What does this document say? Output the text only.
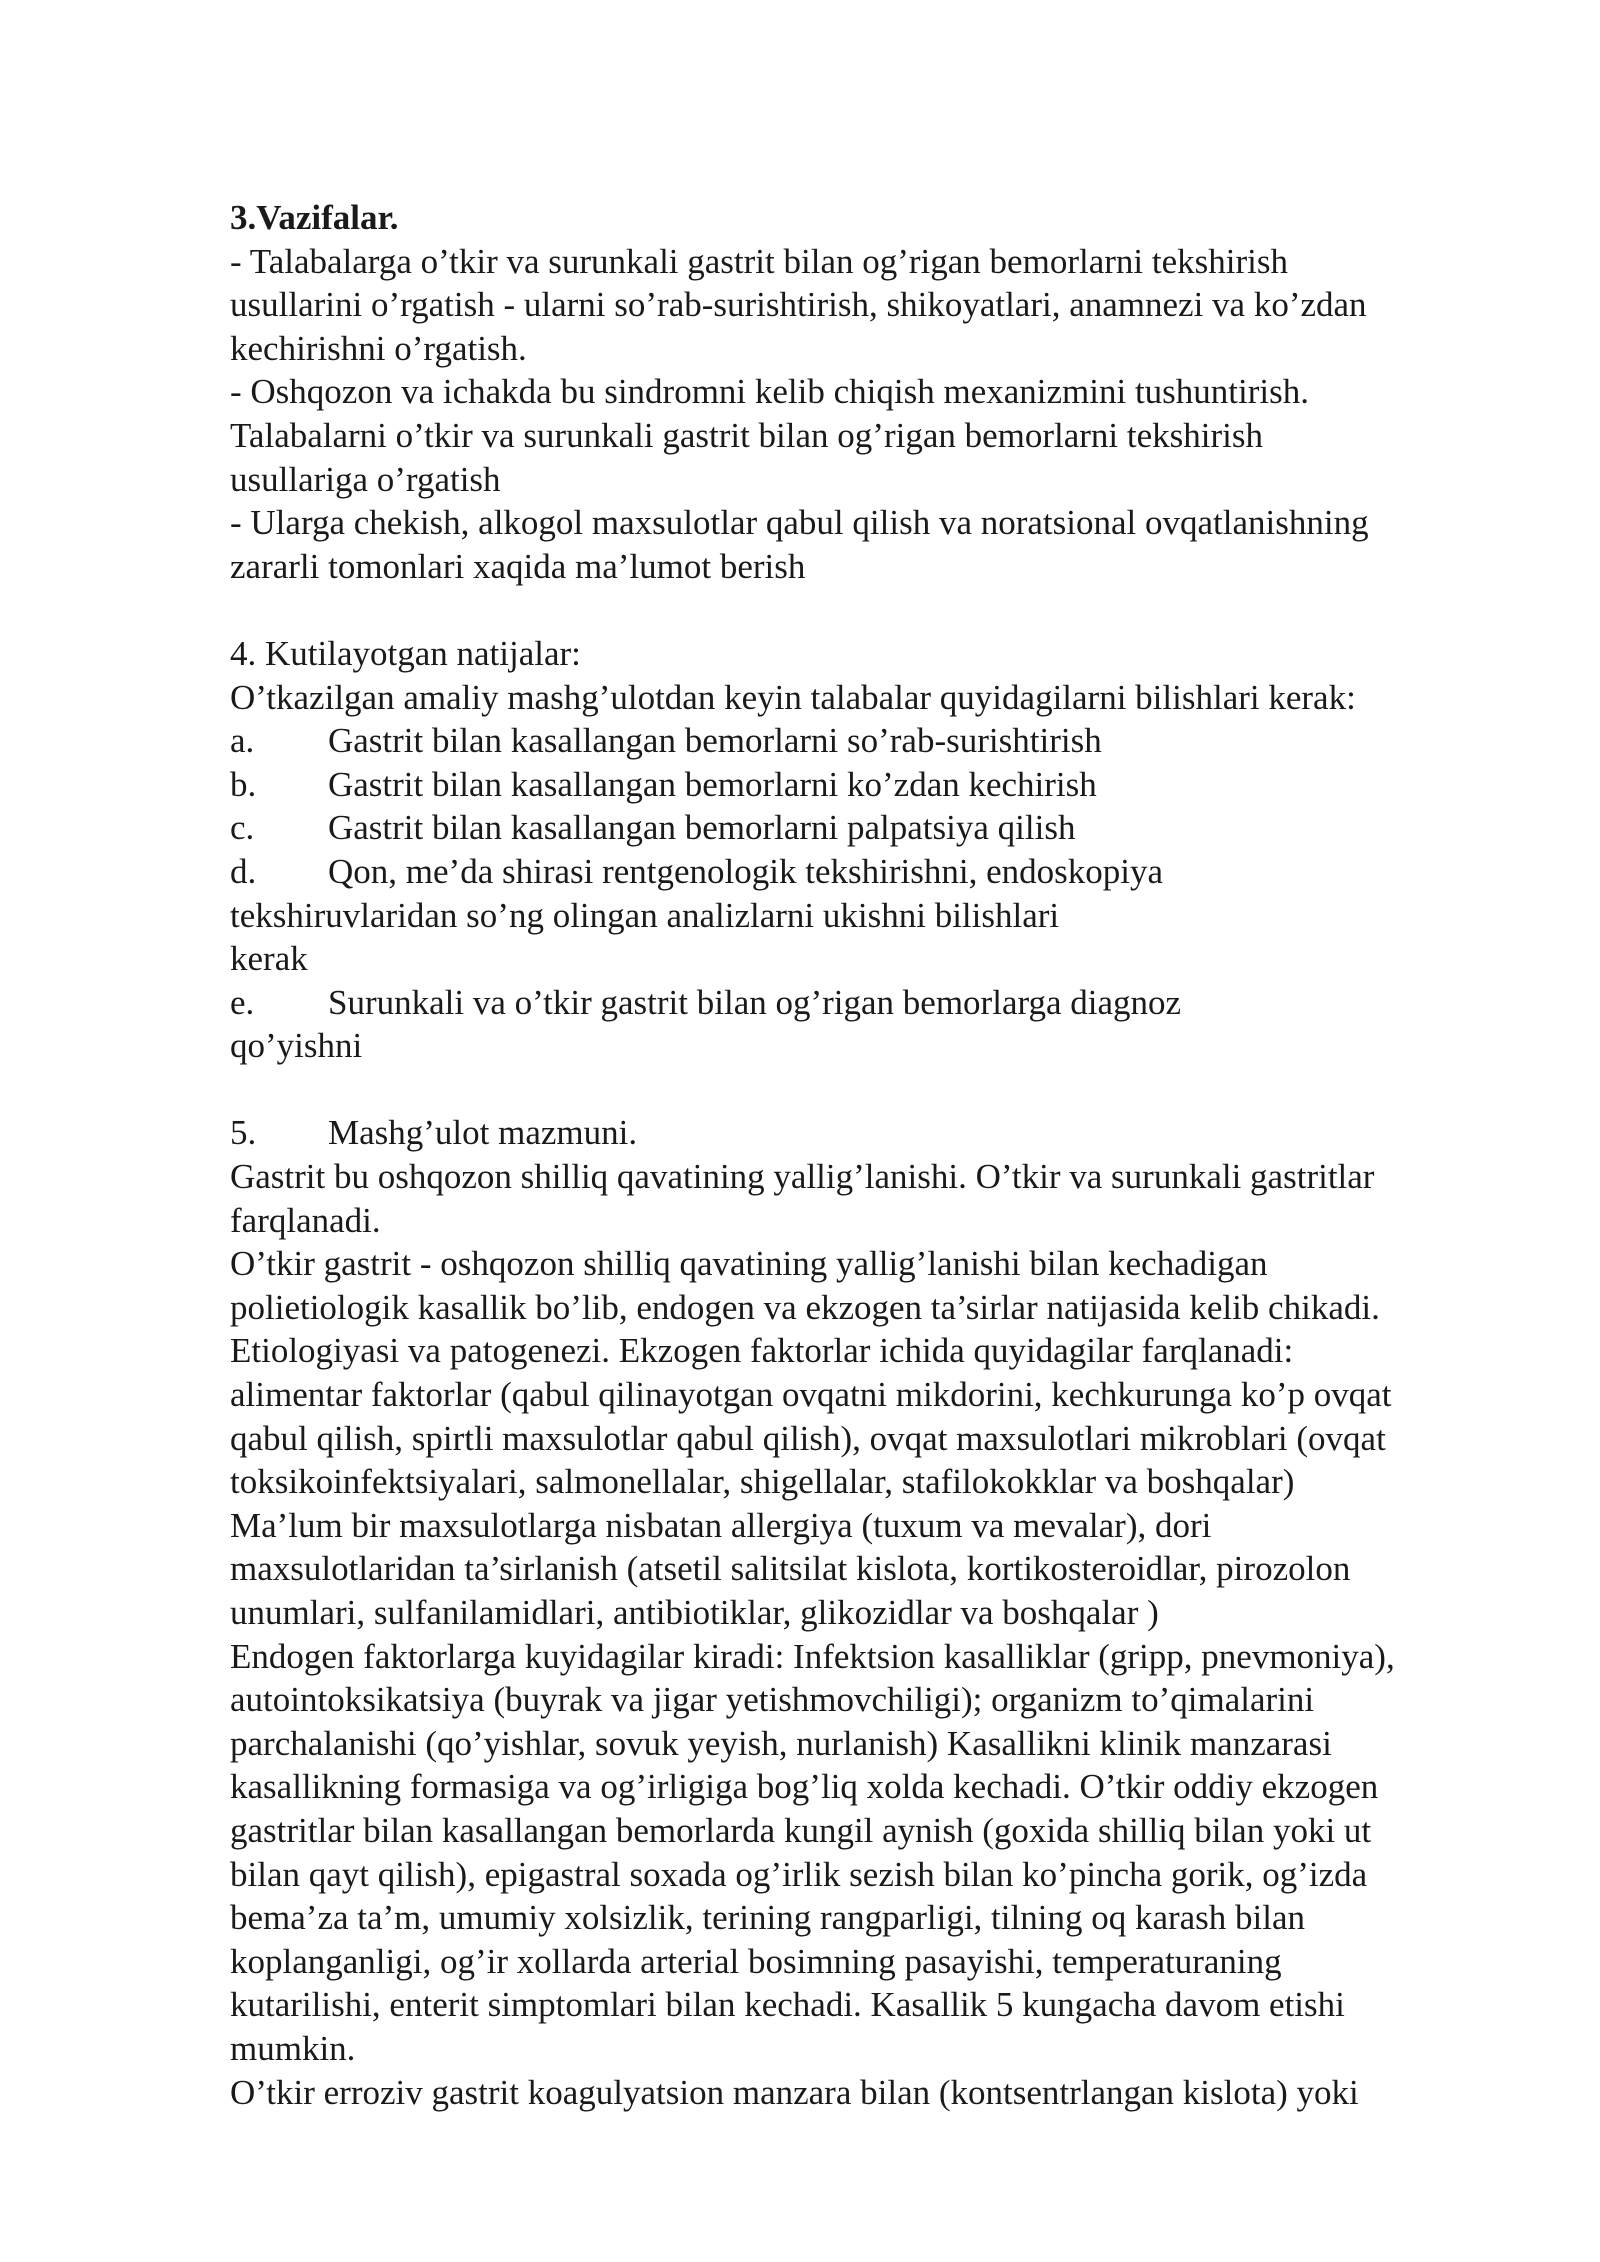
3.Vazifalar.
- Talabalarga o’tkir va surunkali gastrit bilan og’rigan bemorlarni tekshirish
usullarini o’rgatish - ularni so’rab-surishtirish, shikoyatlari, anamnezi va ko’zdan
kechirishni o’rgatish.
- Oshqozon va ichakda bu sindromni kelib chiqish mexanizmini tushuntirish.
Talabalarni o’tkir va surunkali gastrit bilan og’rigan bemorlarni tekshirish
usullariga o’rgatish
- Ularga chekish, alkogol maxsulotlar qabul qilish va noratsional ovqatlanishning
zararli tomonlari xaqida ma’lumot berish
4. Kutilayotgan natijalar:
O’tkazilgan amaliy mashg’ulotdan keyin talabalar quyidagilarni bilishlari kerak:
a. Gastrit bilan kasallangan bemorlarni so’rab-surishtirish
b. Gastrit bilan kasallangan bemorlarni ko’zdan kechirish
c. Gastrit bilan kasallangan bemorlarni palpatsiya qilish
d. Qon, me’da shirasi rentgenologik tekshirishni, endoskopiya
tekshiruvlaridan so’ng olingan analizlarni ukishni bilishlari
kerak
e. Surunkali va o’tkir gastrit bilan og’rigan bemorlarga diagnoz
qo’yishni
5. Mashg’ulot mazmuni.
Gastrit bu oshqozon shilliq qavatining yallig’lanishi. O’tkir va surunkali gastritlar
farqlanadi.
O’tkir gastrit - oshqozon shilliq qavatining yallig’lanishi bilan kechadigan
polietiologik kasallik bo’lib, endogen va ekzogen ta’sirlar natijasida kelib chikadi.
Etiologiyasi va patogenezi. Ekzogen faktorlar ichida quyidagilar farqlanadi:
alimentar faktorlar (qabul qilinayotgan ovqatni mikdorini, kechkurunga ko’p ovqat
qabul qilish, spirtli maxsulotlar qabul qilish), ovqat maxsulotlari mikroblari (ovqat
toksikoinfektsiyalari, salmonellalar, shigellalar, stafilokokklar va boshqalar)
Ma’lum bir maxsulotlarga nisbatan allergiya (tuxum va mevalar), dori
maxsulotlaridan ta’sirlanish (atsetil salitsilat kislota, kortikosteroidlar, pirozolon
unumlari, sulfanilamidlari, antibiotiklar, glikozidlar va boshqalar )
Endogen faktorlarga kuyidagilar kiradi: Infektsion kasalliklar (gripp, pnevmoniya),
autointoksikatsiya (buyrak va jigar yetishmovchiligi); organizm to’qimalarini
parchalanishi (qo’yishlar, sovuk yeyish, nurlanish) Kasallikni klinik manzarasi
kasallikning formasiga va og’irligiga bog’liq xolda kechadi. O’tkir oddiy ekzogen
gastritlar bilan kasallangan bemorlarda kungil aynish (goxida shilliq bilan yoki ut
bilan qayt qilish), epigastral soxada og’irlik sezish bilan ko’pincha gorik, og’izda
bema’za ta’m, umumiy xolsizlik, terining rangparligi, tilning oq karash bilan
koplanganligi, og’ir xollarda arterial bosimning pasayishi, temperaturaning
kutarilishi, enterit simptomlari bilan kechadi. Kasallik 5 kungacha davom etishi
mumkin.
O’tkir erroziv gastrit koagulyatsion manzara bilan (kontsentrlangan kislota) yoki
